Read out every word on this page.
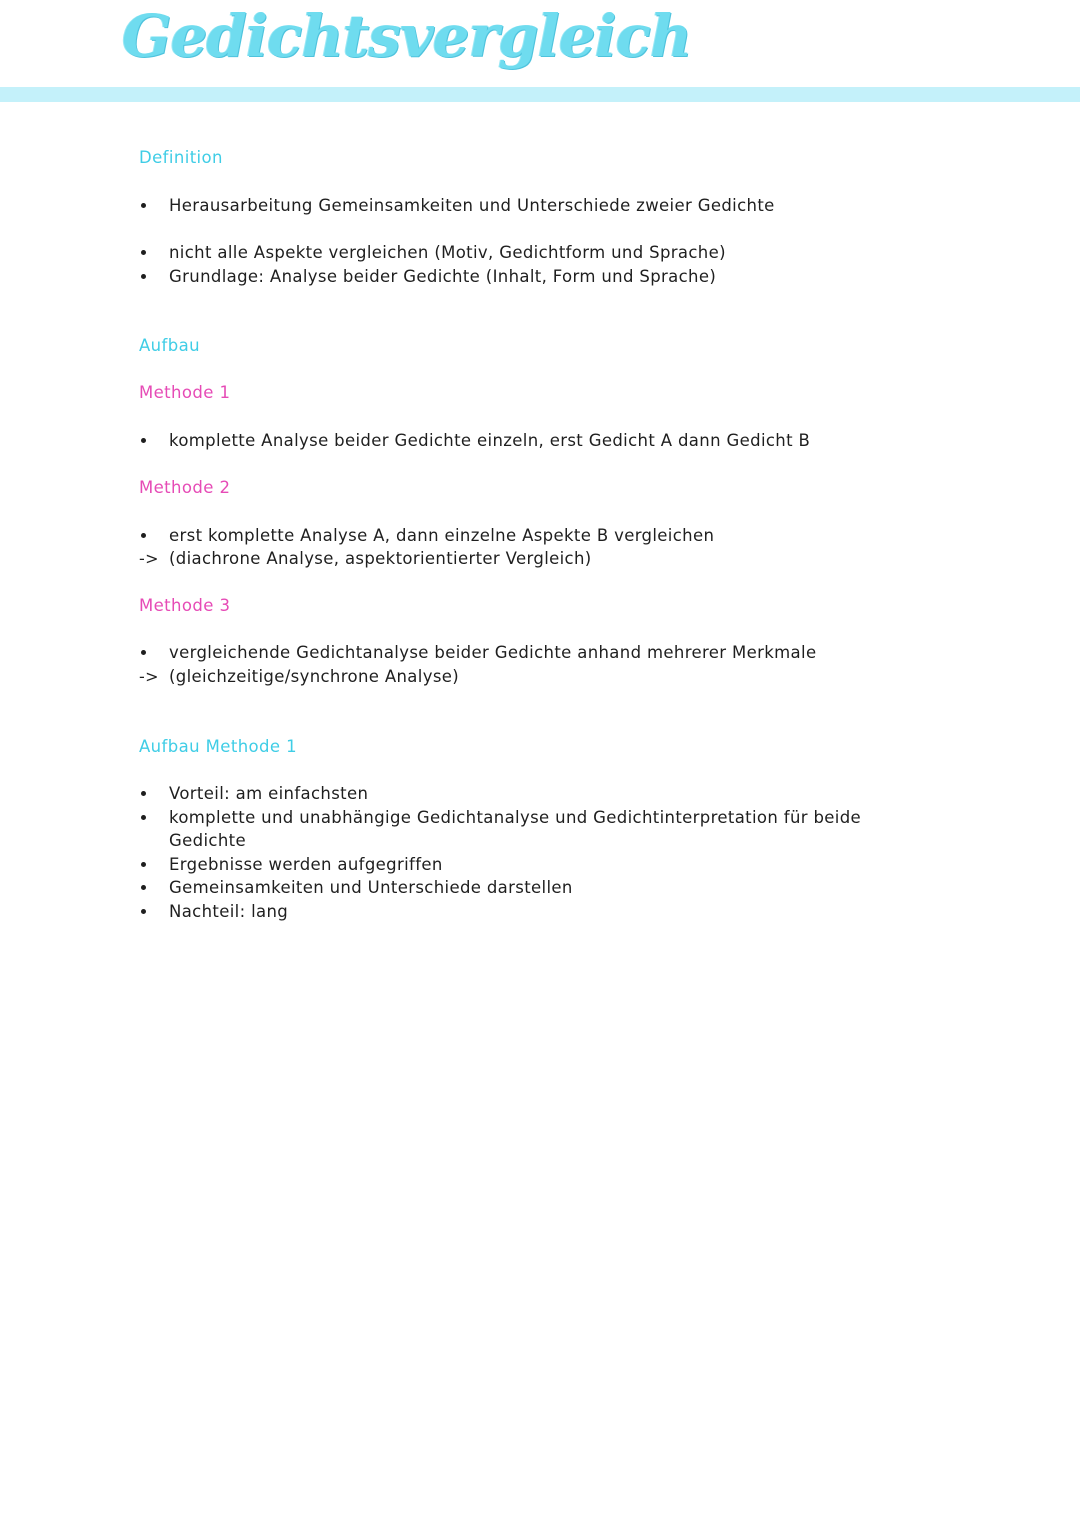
Gedichtsvergleich
Definition
Herausarbeitung Gemeinsamkeiten und Unterschiede zweier Gedichte
nicht alle Aspekte vergleichen (Motiv, Gedichtform und Sprache)
Grundlage: Analyse beider Gedichte (Inhalt, Form und Sprache)
Aufbau
Methode 1
komplette Analyse beider Gedichte einzeln, erst Gedicht A dann Gedicht B
Methode 2
erst komplette Analyse A, dann einzelne Aspekte B vergleichen
-> (diachrone Analyse, aspektorientierter Vergleich)
Methode 3
vergleichende Gedichtanalyse beider Gedichte anhand mehrerer Merkmale
-> (gleichzeitige/synchrone Analyse)
Aufbau Methode 1
Vorteil: am einfachsten
komplette und unabhängige Gedichtanalyse und Gedichtinterpretation für beide
Gedichte
Ergebnisse werden aufgegriffen
Gemeinsamkeiten und Unterschiede darstellen
Nachteil: lang
